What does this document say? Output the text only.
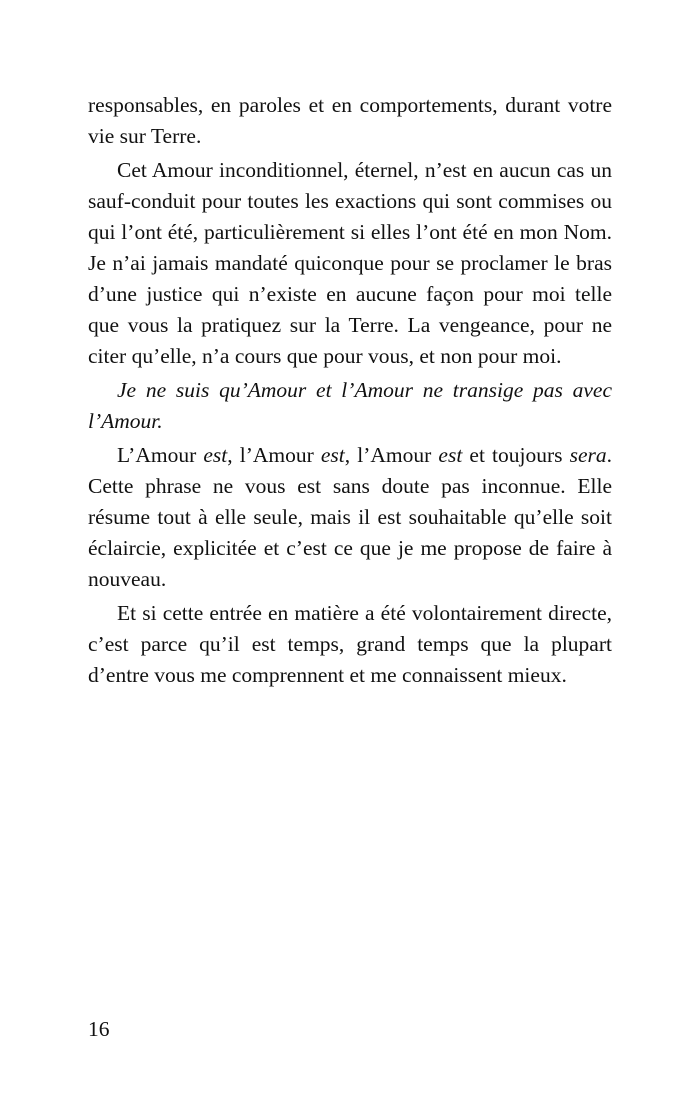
responsables, en paroles et en comportements, durant votre vie sur Terre.

Cet Amour inconditionnel, éternel, n’est en aucun cas un sauf-conduit pour toutes les exactions qui sont commises ou qui l’ont été, particulièrement si elles l’ont été en mon Nom. Je n’ai jamais mandaté quiconque pour se proclamer le bras d’une justice qui n’existe en aucune façon pour moi telle que vous la pratiquez sur la Terre. La vengeance, pour ne citer qu’elle, n’a cours que pour vous, et non pour moi.

Je ne suis qu’Amour et l’Amour ne transige pas avec l’Amour.

L’Amour est, l’Amour est, l’Amour est et toujours sera. Cette phrase ne vous est sans doute pas inconnue. Elle résume tout à elle seule, mais il est souhaitable qu’elle soit éclaircie, explicitée et c’est ce que je me propose de faire à nouveau.

Et si cette entrée en matière a été volontairement directe, c’est parce qu’il est temps, grand temps que la plupart d’entre vous me comprennent et me connaissent mieux.

16
